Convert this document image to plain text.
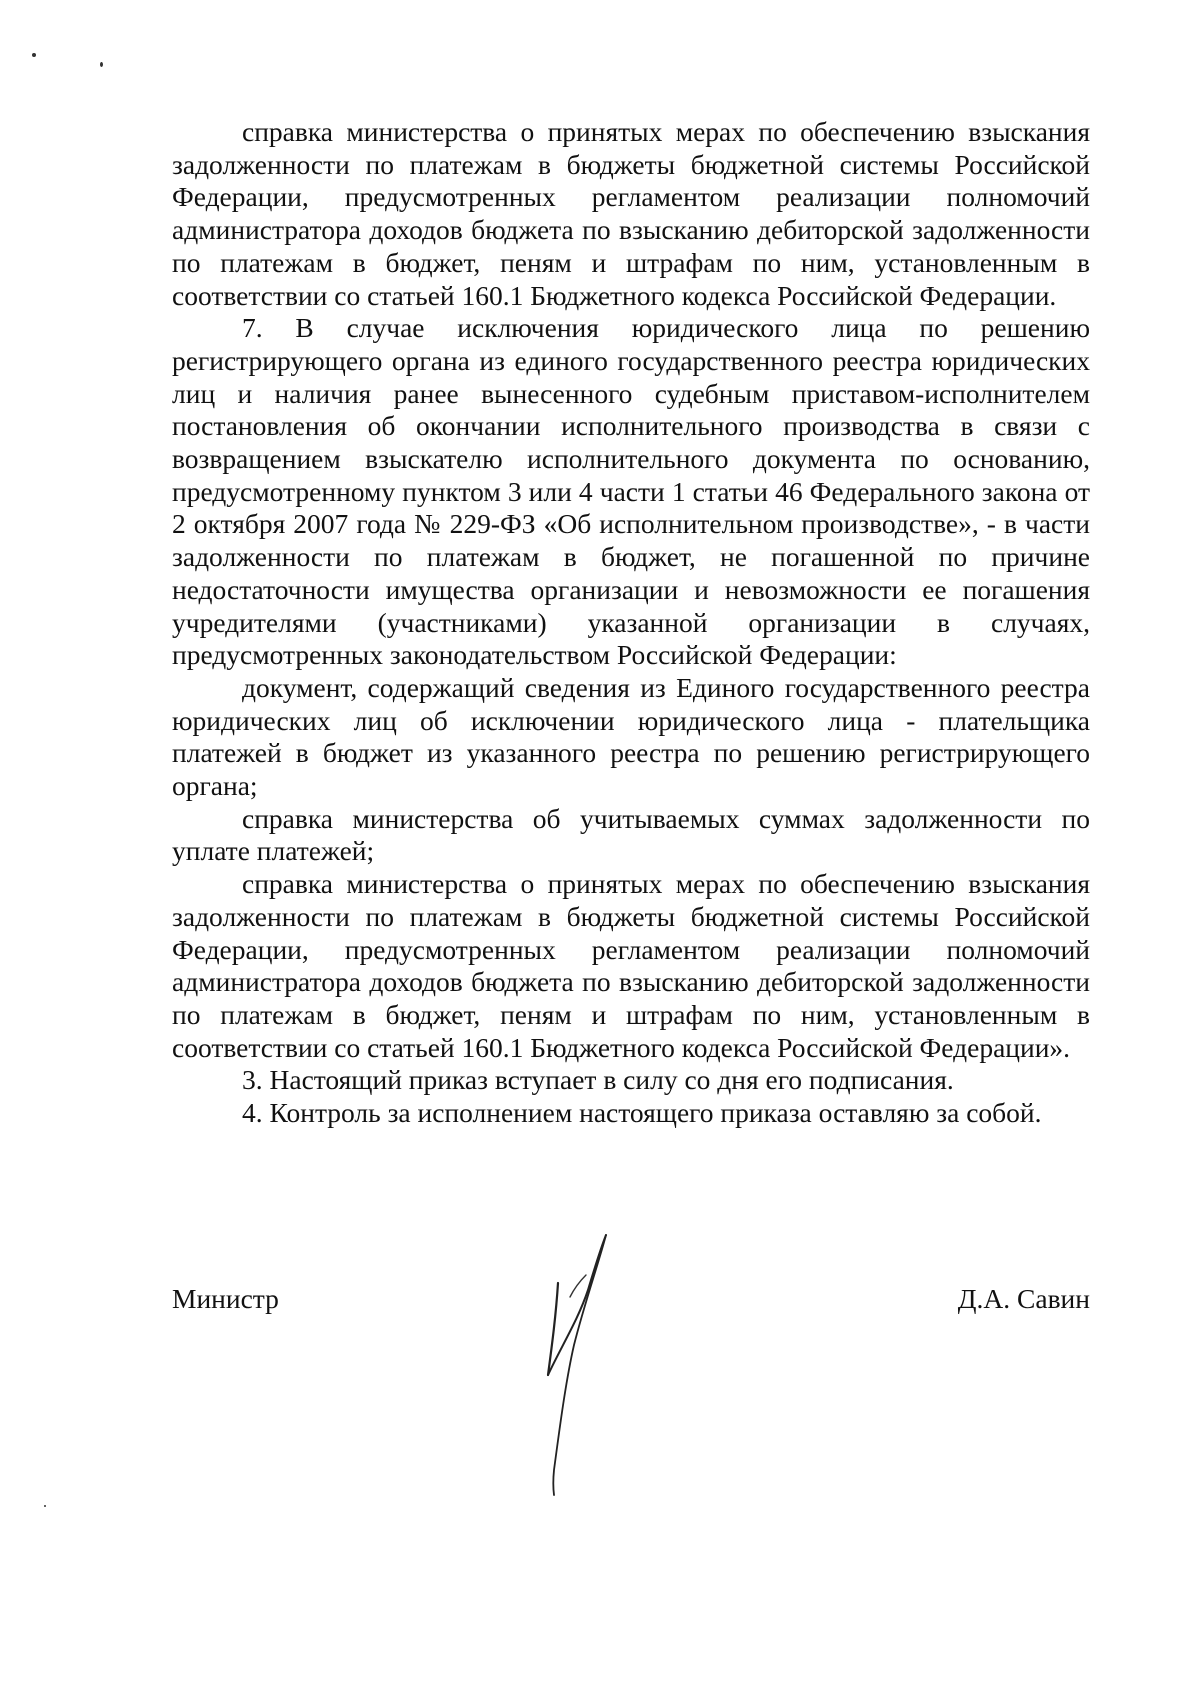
справка министерства о принятых мерах по обеспечению взыскания задолженности по платежам в бюджеты бюджетной системы Российской Федерации, предусмотренных регламентом реализации полномочий администратора доходов бюджета по взысканию дебиторской задолженности по платежам в бюджет, пеням и штрафам по ним, установленным в соответствии со статьей 160.1 Бюджетного кодекса Российской Федерации.

7. В случае исключения юридического лица по решению регистрирующего органа из единого государственного реестра юридических лиц и наличия ранее вынесенного судебным приставом-исполнителем постановления об окончании исполнительного производства в связи с возвращением взыскателю исполнительного документа по основанию, предусмотренному пунктом 3 или 4 части 1 статьи 46 Федерального закона от 2 октября 2007 года № 229-ФЗ «Об исполнительном производстве», - в части задолженности по платежам в бюджет, не погашенной по причине недостаточности имущества организации и невозможности ее погашения учредителями (участниками) указанной организации в случаях, предусмотренных законодательством Российской Федерации:

документ, содержащий сведения из Единого государственного реестра юридических лиц об исключении юридического лица - плательщика платежей в бюджет из указанного реестра по решению регистрирующего органа;

справка министерства об учитываемых суммах задолженности по уплате платежей;

справка министерства о принятых мерах по обеспечению взыскания задолженности по платежам в бюджеты бюджетной системы Российской Федерации, предусмотренных регламентом реализации полномочий администратора доходов бюджета по взысканию дебиторской задолженности по платежам в бюджет, пеням и штрафам по ним, установленным в соответствии со статьей 160.1 Бюджетного кодекса Российской Федерации».

3. Настоящий приказ вступает в силу со дня его подписания.

4. Контроль за исполнением настоящего приказа оставляю за собой.

Министр	Д.А. Савин
